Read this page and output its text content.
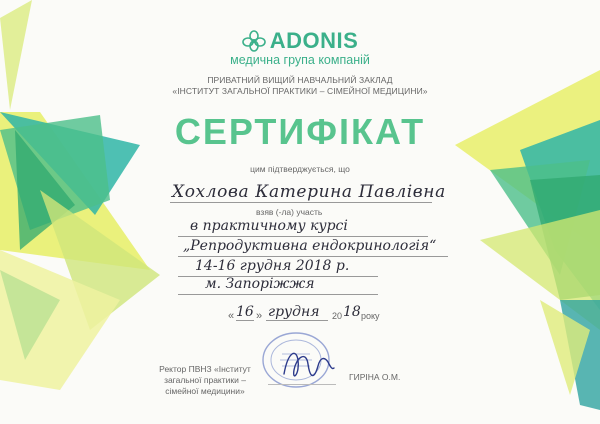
ADONIS
медична група компаній
ПРИВАТНИЙ ВИЩИЙ НАВЧАЛЬНИЙ ЗАКЛАД
«ІНСТИТУТ ЗАГАЛЬНОЇ ПРАКТИКИ – СІМЕЙНОЇ МЕДИЦИНИ»
СЕРТИФІКАТ
цим підтверджується, що
Хохлова Катерина Павлівна
взяв (-ла) участь
в практичному курсі
„Репродуктивна ендокринологія“
14-16 грудня 2018 р.
м. Запоріжжя
« 16 » грудня 20 18 року
Ректор ПВНЗ «Інститут
загальної практики –
сімейної медицини»
ГИРІНА О.М.
